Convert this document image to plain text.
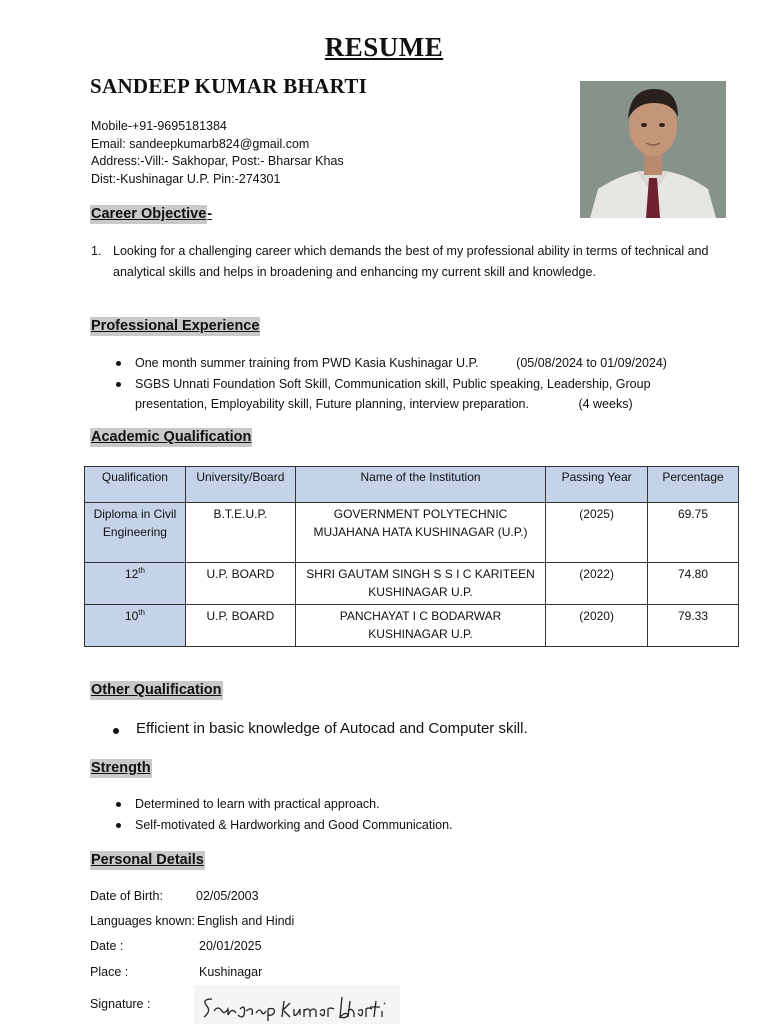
RESUME
SANDEEP KUMAR BHARTI
Mobile-+91-9695181384
Email: sandeepkumarb824@gmail.com
Address:-Vill:- Sakhopar, Post:- Bharsar Khas
Dist:-Kushinagar U.P. Pin:-274301
Career Objective-
1. Looking for a challenging career which demands the best of my professional ability in terms of technical and analytical skills and helps in broadening and enhancing my current skill and knowledge.
Professional Experience
One month summer training from PWD Kasia Kushinagar U.P.	(05/08/2024 to 01/09/2024)
SGBS Unnati Foundation Soft Skill, Communication skill, Public speaking, Leadership, Group presentation, Employability skill, Future planning, interview preparation.	(4 weeks)
Academic Qualification
Qualification	University/Board	Name of the Institution	Passing Year	Percentage
Diploma in Civil Engineering	B.T.E.U.P.	GOVERNMENT POLYTECHNIC MUJAHANA HATA KUSHINAGAR (U.P.)	(2025)	69.75
12th	U.P. BOARD	SHRI GAUTAM SINGH S S I C KARITEEN KUSHINAGAR U.P.	(2022)	74.80
10th	U.P. BOARD	PANCHAYAT I C BODARWAR KUSHINAGAR U.P.	(2020)	79.33
Other Qualification
Efficient in basic knowledge of Autocad and Computer skill.
Strength
Determined to learn with practical approach.
Self-motivated & Hardworking and Good Communication.
Personal Details
Date of Birth:	02/05/2003
Languages known: English and Hindi
Date :	20/01/2025
Place :	Kushinagar
Signature :
